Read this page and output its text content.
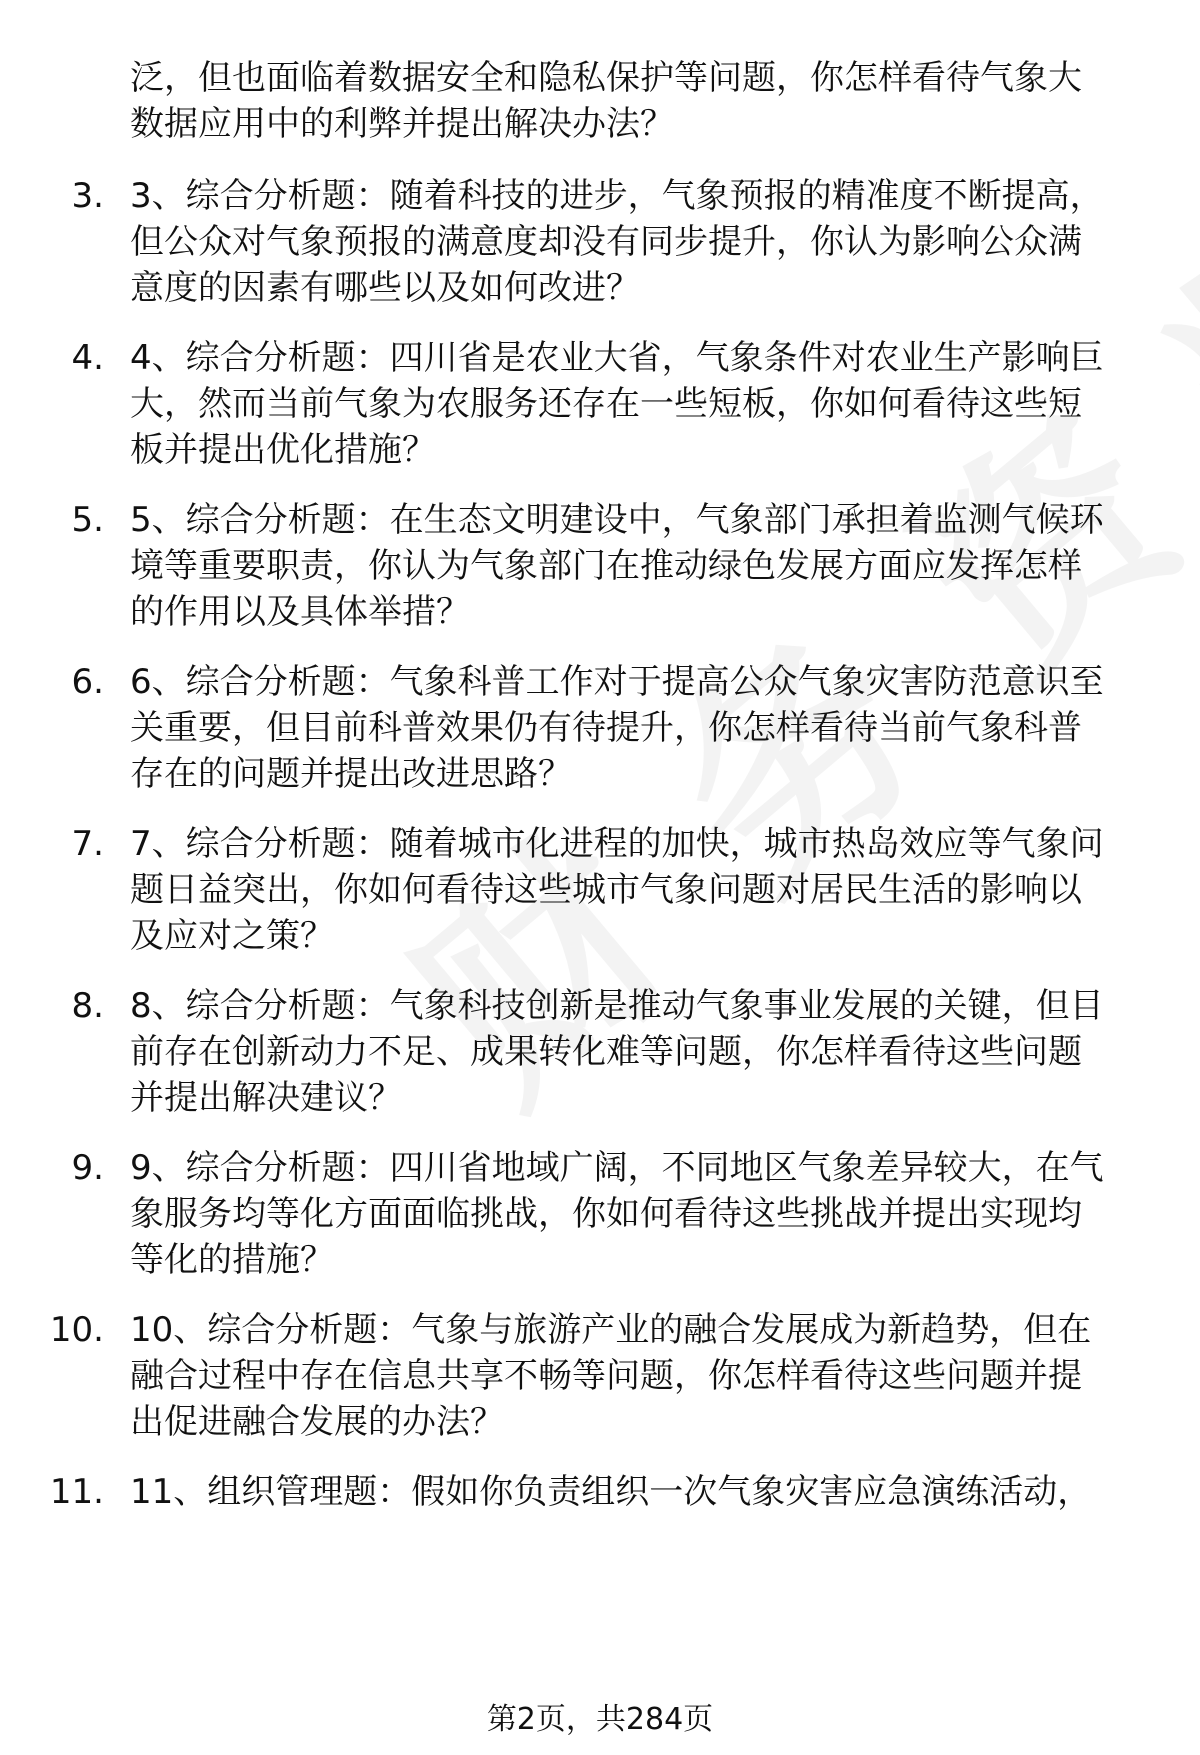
泛，但也面临着数据安全和隐私保护等问题，你怎样看待气象大
数据应用中的利弊并提出解决办法？
3. 3、综合分析题：随着科技的进步，气象预报的精准度不断提高，
但公众对气象预报的满意度却没有同步提升，你认为影响公众满
意度的因素有哪些以及如何改进？
4. 4、综合分析题：四川省是农业大省，气象条件对农业生产影响巨
大，然而当前气象为农服务还存在一些短板，你如何看待这些短
板并提出优化措施？
5. 5、综合分析题：在生态文明建设中，气象部门承担着监测气候环
境等重要职责，你认为气象部门在推动绿色发展方面应发挥怎样
的作用以及具体举措？
6. 6、综合分析题：气象科普工作对于提高公众气象灾害防范意识至
关重要，但目前科普效果仍有待提升，你怎样看待当前气象科普
存在的问题并提出改进思路？
7. 7、综合分析题：随着城市化进程的加快，城市热岛效应等气象问
题日益突出，你如何看待这些城市气象问题对居民生活的影响以
及应对之策？
8. 8、综合分析题：气象科技创新是推动气象事业发展的关键，但目
前存在创新动力不足、成果转化难等问题，你怎样看待这些问题
并提出解决建议？
9. 9、综合分析题：四川省地域广阔，不同地区气象差异较大，在气
象服务均等化方面面临挑战，你如何看待这些挑战并提出实现均
等化的措施？
10. 10、综合分析题：气象与旅游产业的融合发展成为新趋势，但在
融合过程中存在信息共享不畅等问题，你怎样看待这些问题并提
出促进融合发展的办法？
11. 11、组织管理题：假如你负责组织一次气象灾害应急演练活动，
第2页，共284页
